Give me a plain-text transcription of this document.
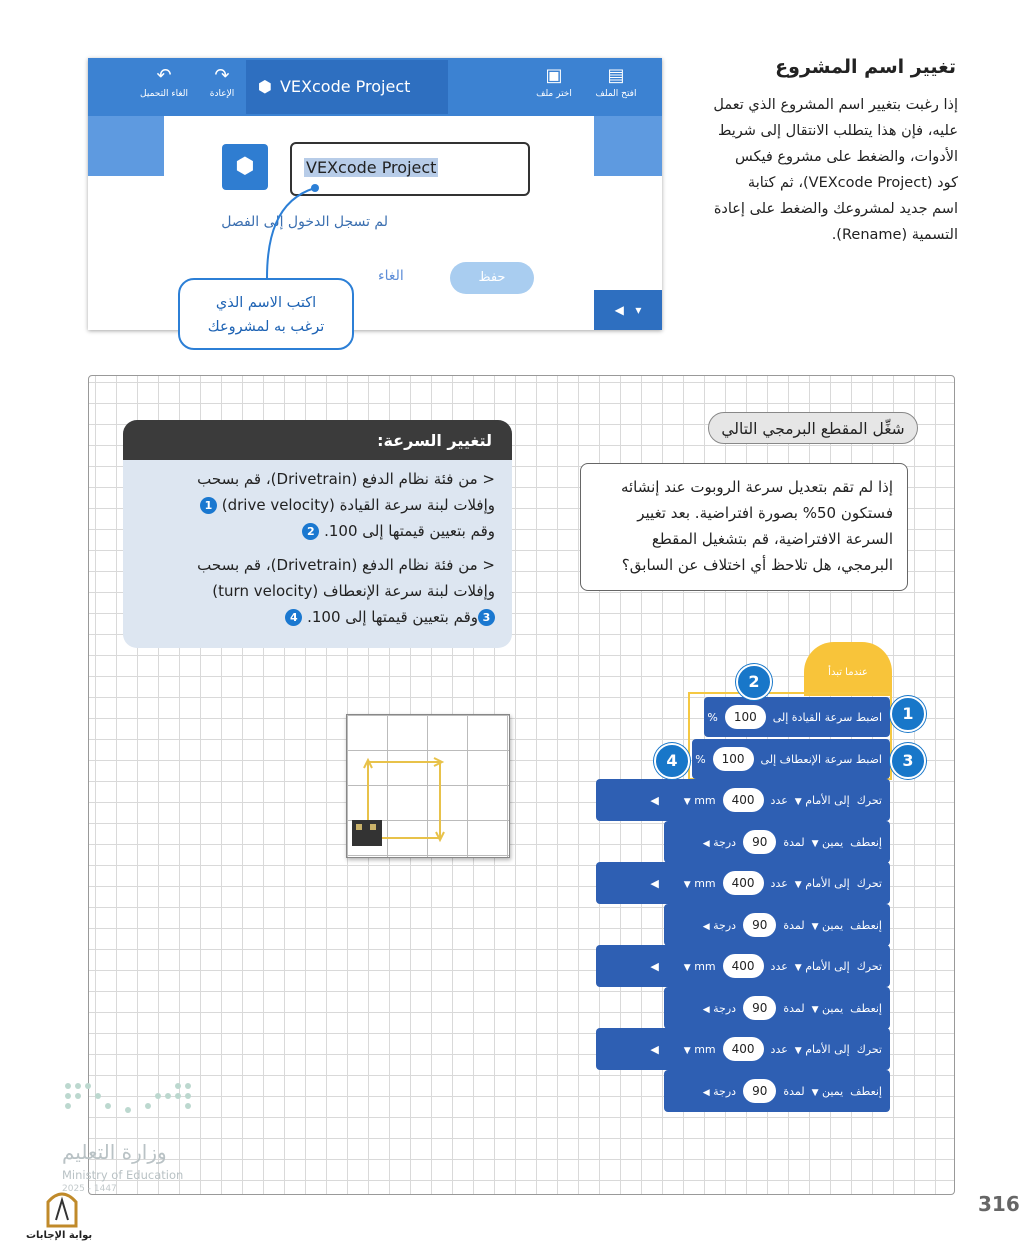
تغيير اسم المشروع
إذا رغبت بتغيير اسم المشروع الذي تعمل
عليه، فإن هذا يتطلب الانتقال إلى شريط
الأدوات، والضغط على مشروع فيكس
كود (VEXcode Project)، ثم كتابة
اسم جديد لمشروعك والضغط على إعادة
التسمية (Rename).
↶
الغاء التحميل
↷
الإعادة	⬢ VEXcode Project
▣
اختر ملف
▤
افتح الملف
⬢	VEXcode Project
لم تسجل الدخول إلى الفصل
الغاء	حفظ
◀   ▾
اكتب الاسم الذي
ترغب به لمشروعك
لتغيير السرعة:
< من فئة نظام الدفع (Drivetrain)، قم بسحب
وإفلات لبنة سرعة القيادة (drive velocity) 1
وقم بتعيين قيمتها إلى 100. 2
< من فئة نظام الدفع (Drivetrain)، قم بسحب
وإفلات لبنة سرعة الإنعطاف (turn velocity)
3وقم بتعيين قيمتها إلى 100. 4
شغِّل المقطع البرمجي التالي
إذا لم تقم بتعديل سرعة الروبوت عند إنشائه
فستكون 50% بصورة افتراضية. بعد تغيير
السرعة الافتراضية، قم بتشغيل المقطع
البرمجي، هل تلاحظ أي اختلاف عن السابق؟
عندما تبدأ
اضبط سرعة القيادة إلى
100
%
اضبط سرعة الإنعطاف إلى
100
%
تحرك
إلى الأمام ▼
عدد
400
mm ▼
◀
إنعطف
يمين ▼
لمدة
90
درجة ◀
تحرك
إلى الأمام ▼
عدد
400
mm ▼
◀
إنعطف
يمين ▼
لمدة
90
درجة ◀
تحرك
إلى الأمام ▼
عدد
400
mm ▼
◀
إنعطف
يمين ▼
لمدة
90
درجة ◀
تحرك
إلى الأمام ▼
عدد
400
mm ▼
◀
إنعطف
يمين ▼
لمدة
90
درجة ◀
2
1
3
4
316
وزارة التعليم
Ministry of Education
2025 - 1447
بوابة الإجابات
